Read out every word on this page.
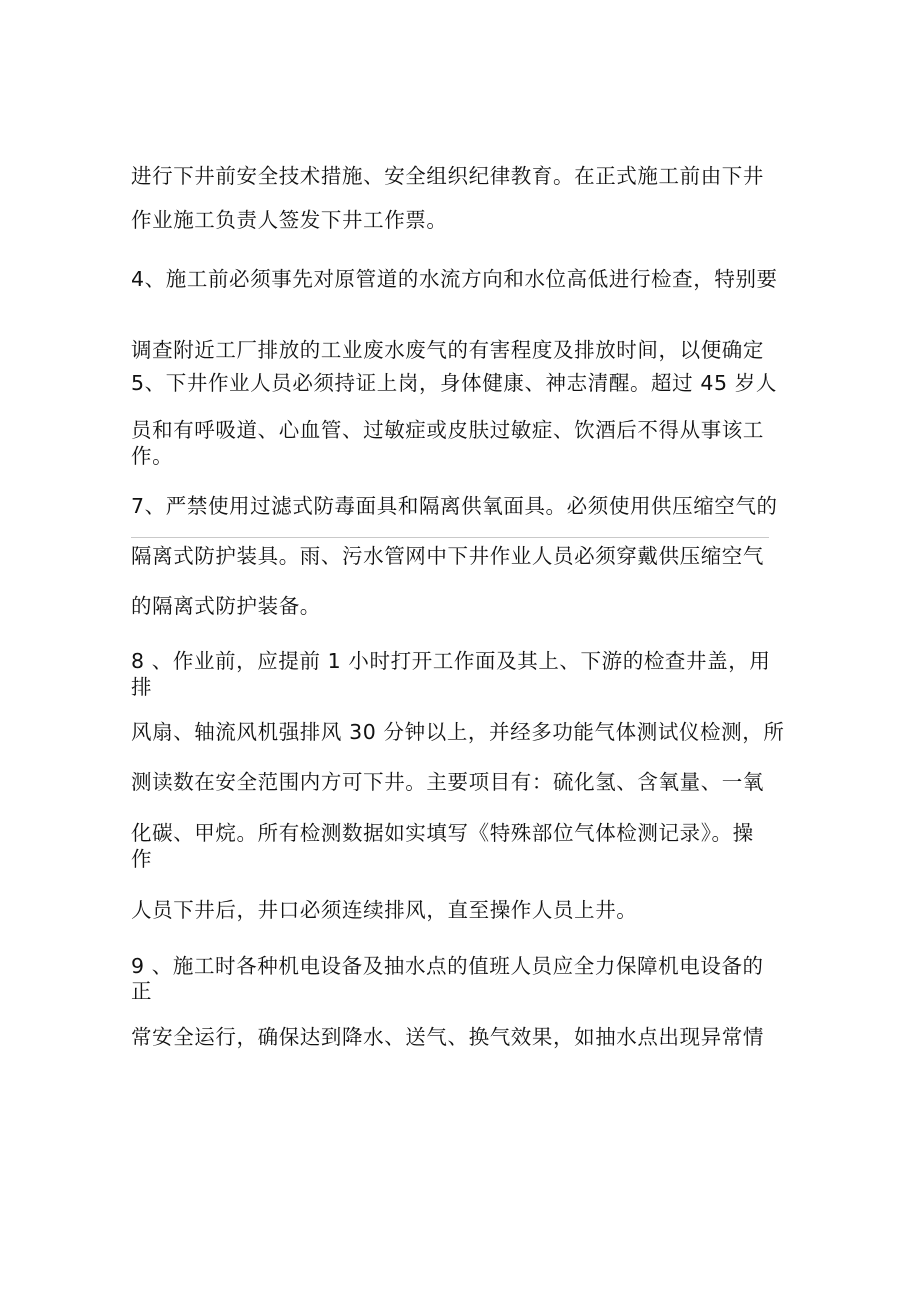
进行下井前安全技术措施、安全组织纪律教育。在正式施工前由下井
作业施工负责人签发下井工作票。
4、施工前必须事先对原管道的水流方向和水位高低进行检查，特别要
调查附近工厂排放的工业废水废气的有害程度及排放时间，以便确定
5、下井作业人员必须持证上岗，身体健康、神志清醒。超过 45 岁人
员和有呼吸道、心血管、过敏症或皮肤过敏症、饮酒后不得从事该工
作。
7、严禁使用过滤式防毒面具和隔离供氧面具。必须使用供压缩空气的
隔离式防护装具。雨、污水管网中下井作业人员必须穿戴供压缩空气
的隔离式防护装备。
8 、作业前，应提前 1 小时打开工作面及其上、下游的检查井盖，用
排
风扇、轴流风机强排风 30 分钟以上，并经多功能气体测试仪检测，所
测读数在安全范围内方可下井。主要项目有：硫化氢、含氧量、一氧
化碳、甲烷。所有检测数据如实填写《特殊部位气体检测记录》。操
作
人员下井后，井口必须连续排风，直至操作人员上井。
9 、施工时各种机电设备及抽水点的值班人员应全力保障机电设备的
正
常安全运行，确保达到降水、送气、换气效果，如抽水点出现异常情
